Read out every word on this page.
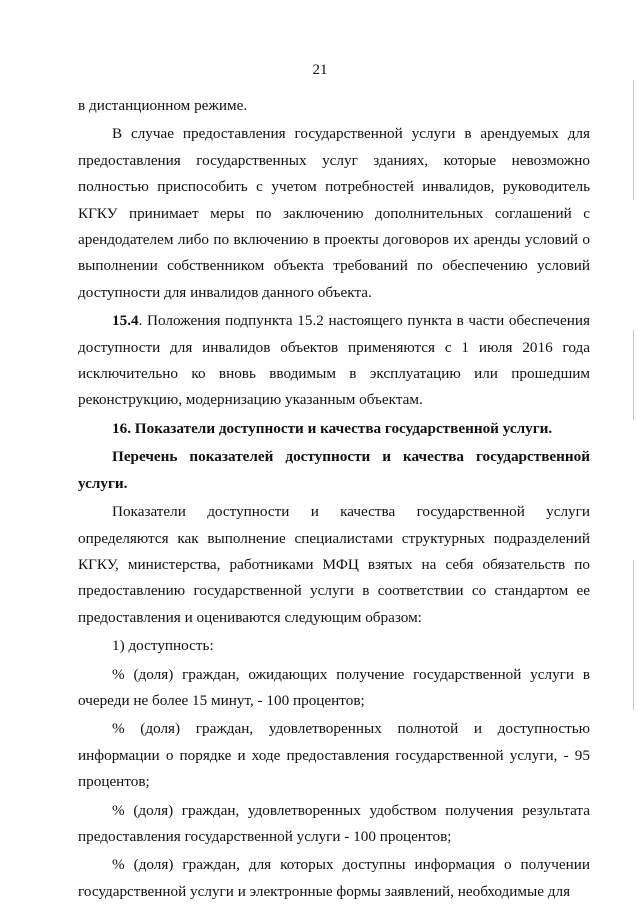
21

в дистанционном режиме.

В случае предоставления государственной услуги в арендуемых для предоставления государственных услуг зданиях, которые невозможно полностью приспособить с учетом потребностей инвалидов, руководитель КГКУ принимает меры по заключению дополнительных соглашений с арендодателем либо по включению в проекты договоров их аренды условий о выполнении собственником объекта требований по обеспечению условий доступности для инвалидов данного объекта.

15.4. Положения подпункта 15.2 настоящего пункта в части обеспечения доступности для инвалидов объектов применяются с 1 июля 2016 года исключительно ко вновь вводимым в эксплуатацию или прошедшим реконструкцию, модернизацию указанным объектам.

16. Показатели доступности и качества государственной услуги.

Перечень показателей доступности и качества государственной услуги.

Показатели доступности и качества государственной услуги определяются как выполнение специалистами структурных подразделений КГКУ, министерства, работниками МФЦ взятых на себя обязательств по предоставлению государственной услуги в соответствии со стандартом ее предоставления и оцениваются следующим образом:

1) доступность:

% (доля) граждан, ожидающих получение государственной услуги в очереди не более 15 минут, - 100 процентов;

% (доля) граждан, удовлетворенных полнотой и доступностью информации о порядке и ходе предоставления государственной услуги, - 95 процентов;

% (доля) граждан, удовлетворенных удобством получения результата предоставления государственной услуги - 100 процентов;

% (доля) граждан, для которых доступны информация о получении государственной услуги и электронные формы заявлений, необходимые для
